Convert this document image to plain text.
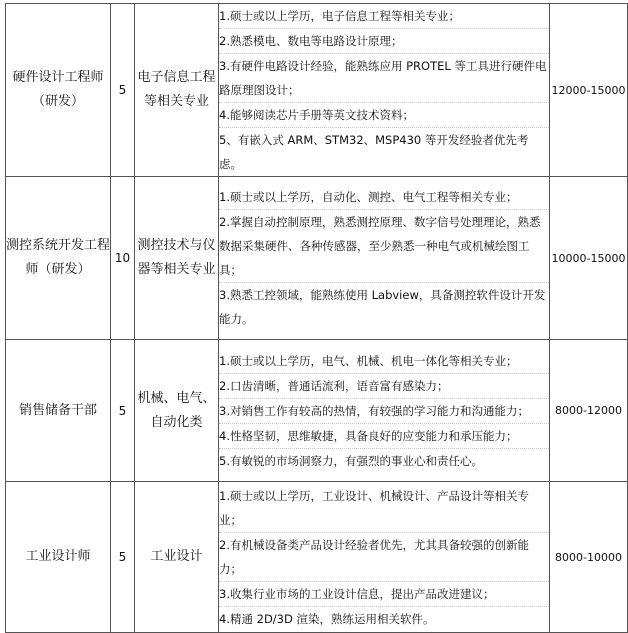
硬件设计工程师（研发）	5	电子信息工程等相关专业	1.硕士或以上学历，电子信息工程等相关专业；
2.熟悉模电、数电等电路设计原理；
3.有硬件电路设计经验，能熟练应用 PROTEL 等工具进行硬件电路原理图设计；
4.能够阅读芯片手册等英文技术资料；
5、有嵌入式 ARM、STM32、MSP430 等开发经验者优先考虑。	12000-15000
测控系统开发工程师（研发）	10	测控技术与仪器等相关专业	1.硕士或以上学历，自动化、测控、电气工程等相关专业；
2.掌握自动控制原理，熟悉测控原理、数字信号处理理论，熟悉数据采集硬件、各种传感器，至少熟悉一种电气或机械绘图工具；
3.熟悉工控领域，能熟练使用 Labview，具备测控软件设计开发能力。	10000-15000
销售储备干部	5	机械、电气、自动化类	1.硕士或以上学历，电气、机械、机电一体化等相关专业；
2.口齿清晰，普通话流利，语音富有感染力；
3.对销售工作有较高的热情，有较强的学习能力和沟通能力；
4.性格坚韧，思维敏捷，具备良好的应变能力和承压能力；
5.有敏锐的市场洞察力，有强烈的事业心和责任心。	8000-12000
工业设计师	5	工业设计	1.硕士或以上学历，工业设计、机械设计、产品设计等相关专业；
2.有机械设备类产品设计经验者优先，尤其具备较强的创新能力；
3.收集行业市场的工业设计信息，提出产品改进建议；
4.精通 2D/3D 渲染，熟练运用相关软件。	8000-10000
